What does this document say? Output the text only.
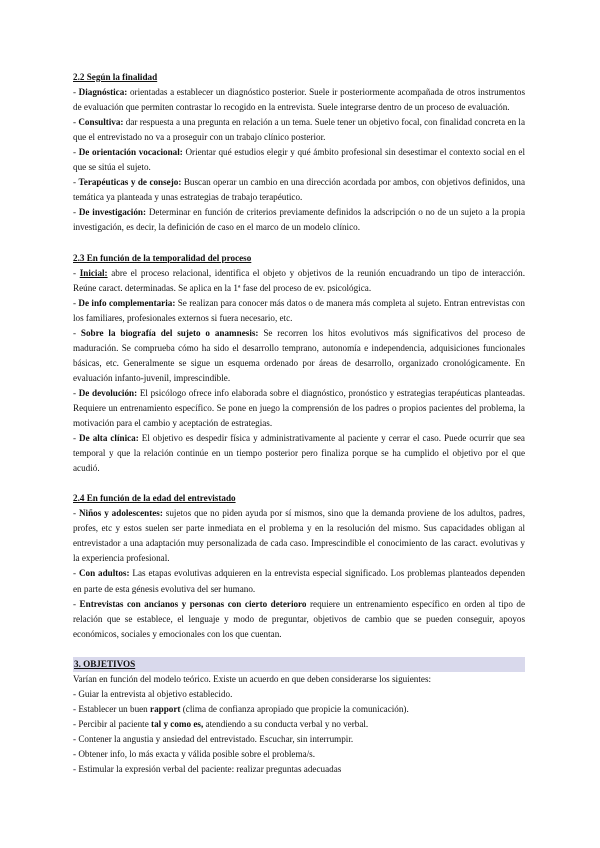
2.2 Según la finalidad

- Diagnóstica: orientadas a establecer un diagnóstico posterior. Suele ir posteriormente acompañada de otros instrumentos de evaluación que permiten contrastar lo recogido en la entrevista. Suele integrarse dentro de un proceso de evaluación.

- Consultiva: dar respuesta a una pregunta en relación a un tema. Suele tener un objetivo focal, con finalidad concreta en la que el entrevistado no va a proseguir con un trabajo clínico posterior.

- De orientación vocacional: Orientar qué estudios elegir y qué ámbito profesional sin desestimar el contexto social en el que se sitúa el sujeto.

- Terapéuticas y de consejo: Buscan operar un cambio en una dirección acordada por ambos, con objetivos definidos, una temática ya planteada y unas estrategias de trabajo terapéutico.

- De investigación: Determinar en función de criterios previamente definidos la adscripción o no de un sujeto a la propia investigación, es decir, la definición de caso en el marco de un modelo clínico.

2.3 En función de la temporalidad del proceso

- Inicial: abre el proceso relacional, identifica el objeto y objetivos de la reunión encuadrando un tipo de interacción. Reúne caract. determinadas. Se aplica en la 1ª fase del proceso de ev. psicológica.

- De info complementaria: Se realizan para conocer más datos o de manera más completa al sujeto. Entran entrevistas con los familiares, profesionales externos si fuera necesario, etc.

- Sobre la biografía del sujeto o anamnesis: Se recorren los hitos evolutivos más significativos del proceso de maduración. Se comprueba cómo ha sido el desarrollo temprano, autonomía e independencia, adquisiciones funcionales básicas, etc. Generalmente se sigue un esquema ordenado por áreas de desarrollo, organizado cronológicamente. En evaluación infanto-juvenil, imprescindible.

- De devolución: El psicólogo ofrece info elaborada sobre el diagnóstico, pronóstico y estrategias terapéuticas planteadas. Requiere un entrenamiento específico. Se pone en juego la comprensión de los padres o propios pacientes del problema, la motivación para el cambio y aceptación de estrategias.

- De alta clínica: El objetivo es despedir física y administrativamente al paciente y cerrar el caso. Puede ocurrir que sea temporal y que la relación continúe en un tiempo posterior pero finaliza porque se ha cumplido el objetivo por el que acudió.

2.4 En función de la edad del entrevistado

- Niños y adolescentes: sujetos que no piden ayuda por sí mismos, sino que la demanda proviene de los adultos, padres, profes, etc y estos suelen ser parte inmediata en el problema y en la resolución del mismo. Sus capacidades obligan al entrevistador a una adaptación muy personalizada de cada caso. Imprescindible el conocimiento de las caract. evolutivas y la experiencia profesional.

- Con adultos: Las etapas evolutivas adquieren en la entrevista especial significado. Los problemas planteados dependen en parte de esta génesis evolutiva del ser humano.

- Entrevistas con ancianos y personas con cierto deterioro requiere un entrenamiento específico en orden al tipo de relación que se establece, el lenguaje y modo de preguntar, objetivos de cambio que se pueden conseguir, apoyos económicos, sociales y emocionales con los que cuentan.

3. OBJETIVOS

Varían en función del modelo teórico. Existe un acuerdo en que deben considerarse los siguientes:

- Guiar la entrevista al objetivo establecido.

- Establecer un buen rapport (clima de confianza apropiado que propicie la comunicación).

- Percibir al paciente tal y como es, atendiendo a su conducta verbal y no verbal.

- Contener la angustia y ansiedad del entrevistado. Escuchar, sin interrumpir.

- Obtener info, lo más exacta y válida posible sobre el problema/s.

- Estimular la expresión verbal del paciente: realizar preguntas adecuadas
